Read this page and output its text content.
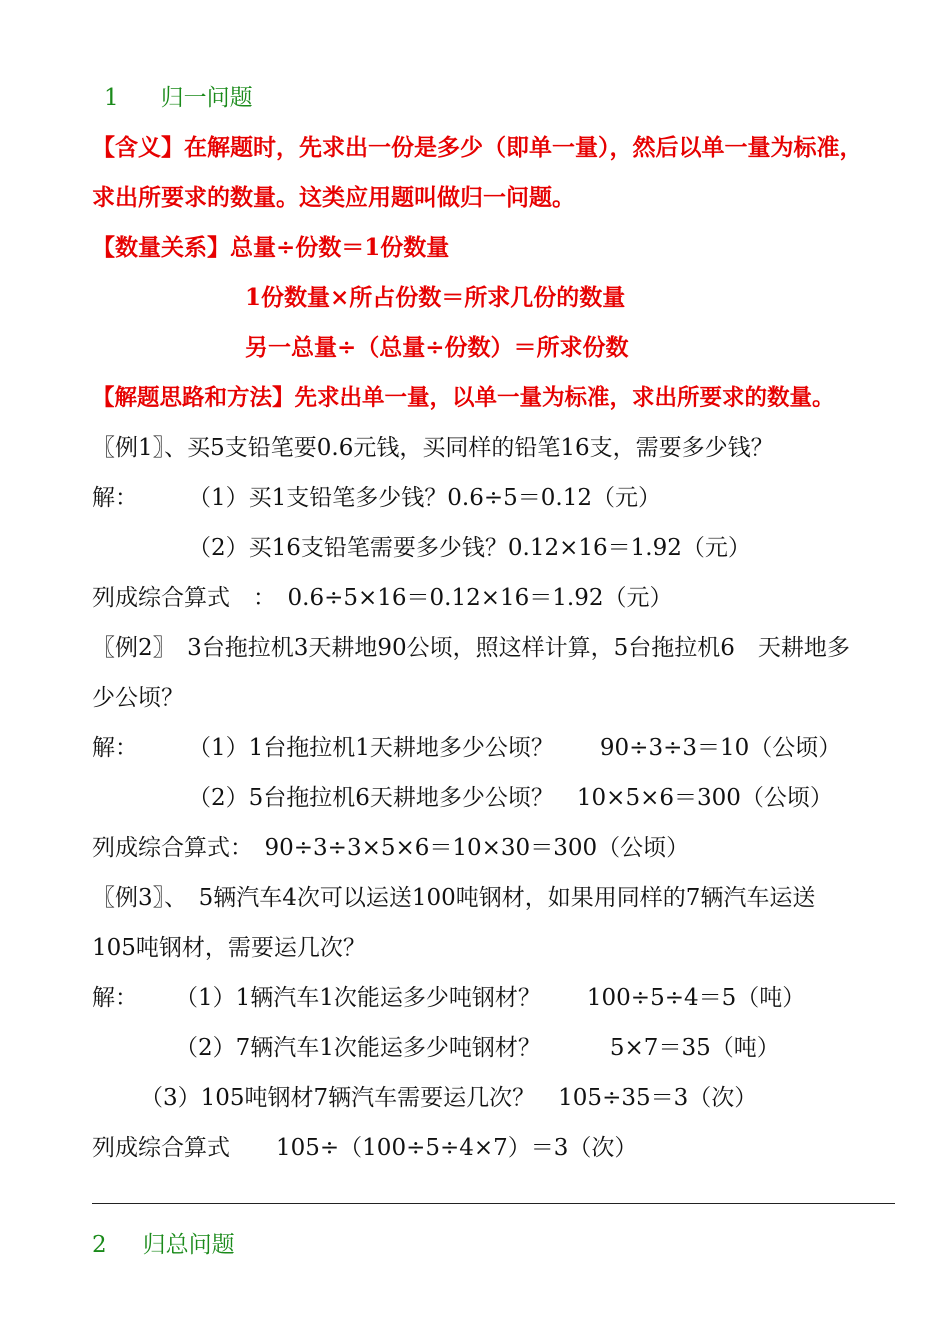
1 归一问题
【含义】在解题时，先求出一份是多少（即单一量），然后以单一量为标准，
求出所要求的数量。这类应用题叫做归一问题。
【数量关系】总量÷份数＝1份数量
1份数量×所占份数＝所求几份的数量
另一总量÷（总量÷份数）＝所求份数
【解题思路和方法】先求出单一量，以单一量为标准，求出所要求的数量。
〖例1〗、买5支铅笔要0.6元钱，买同样的铅笔16支，需要多少钱？
解： （1）买1支铅笔多少钱？0.6÷5＝0.12（元）
（2）买16支铅笔需要多少钱？0.12×16＝1.92（元）
列成综合算式　：　0.6÷5×16＝0.12×16＝1.92（元）
〖例2〗　3台拖拉机3天耕地90公顷，照这样计算，5台拖拉机6　天耕地多
少公顷？
解： （1）1台拖拉机1天耕地多少公顷？　　90÷3÷3＝10（公顷）
（2）5台拖拉机6天耕地多少公顷？　10×5×6＝300（公顷）
列成综合算式：　90÷3÷3×5×6＝10×30＝300（公顷）
〖例3〗、　5辆汽车4次可以运送100吨钢材，如果用同样的7辆汽车运送
105吨钢材，需要运几次？
解： （1）1辆汽车1次能运多少吨钢材？　　100÷5÷4＝5（吨）
（2）7辆汽车1次能运多少吨钢材？　　　5×7＝35（吨）
（3）105吨钢材7辆汽车需要运几次？　105÷35＝3（次）
列成综合算式　　105÷（100÷5÷4×7）＝3（次）
2 归总问题
